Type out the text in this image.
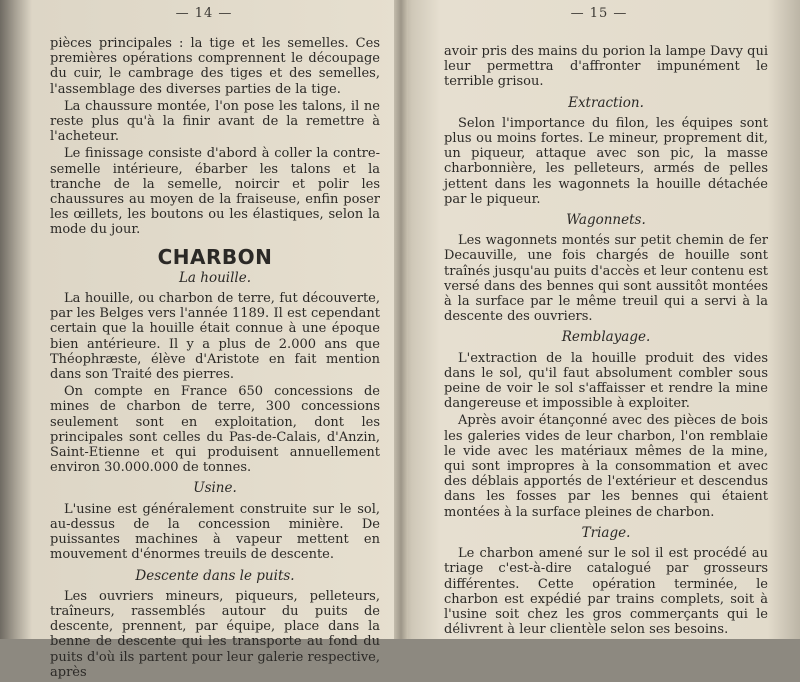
— 14 —

pièces principales : la tige et les semelles. Ces premières opérations comprennent le découpage du cuir, le cambrage des tiges et des semelles, l'assemblage des diverses parties de la tige.

La chaussure montée, l'on pose les talons, il ne reste plus qu'à la finir avant de la remettre à l'acheteur.

Le finissage consiste d'abord à coller la contre-semelle intérieure, ébarber les talons et la tranche de la semelle, noircir et polir les chaussures au moyen de la fraiseuse, enfin poser les œillets, les boutons ou les élastiques, selon la mode du jour.

CHARBON
La houille.

La houille, ou charbon de terre, fut découverte, par les Belges vers l'année 1189. Il est cependant certain que la houille était connue à une époque bien antérieure. Il y a plus de 2.000 ans que Théophræste, élève d'Aristote en fait mention dans son Traité des pierres.

On compte en France 650 concessions de mines de charbon de terre, 300 concessions seulement sont en exploitation, dont les principales sont celles du Pas-de-Calais, d'Anzin, Saint-Etienne et qui produisent annuellement environ 30.000.000 de tonnes.

Usine.

L'usine est généralement construite sur le sol, au-dessus de la concession minière. De puissantes machines à vapeur mettent en mouvement d'énormes treuils de descente.

Descente dans le puits.

Les ouvriers mineurs, piqueurs, pelleteurs, traîneurs, rassemblés autour du puits de descente, prennent, par équipe, place dans la benne de descente qui les transporte au fond du puits d'où ils partent pour leur galerie respective, après

— 15 —

avoir pris des mains du porion la lampe Davy qui leur permettra d'affronter impunément le terrible grisou.

Extraction.

Selon l'importance du filon, les équipes sont plus ou moins fortes. Le mineur, proprement dit, un piqueur, attaque avec son pic, la masse charbonnière, les pelleteurs, armés de pelles jettent dans les wagonnets la houille détachée par le piqueur.

Wagonnets.

Les wagonnets montés sur petit chemin de fer Decauville, une fois chargés de houille sont traînés jusqu'au puits d'accès et leur contenu est versé dans des bennes qui sont aussitôt montées à la surface par le même treuil qui a servi à la descente des ouvriers.

Remblayage.

L'extraction de la houille produit des vides dans le sol, qu'il faut absolument combler sous peine de voir le sol s'affaisser et rendre la mine dangereuse et impossible à exploiter.

Après avoir étançonné avec des pièces de bois les galeries vides de leur charbon, l'on remblaie le vide avec les matériaux mêmes de la mine, qui sont impropres à la consommation et avec des déblais apportés de l'extérieur et descendus dans les fosses par les bennes qui étaient montées à la surface pleines de charbon.

Triage.

Le charbon amené sur le sol il est procédé au triage c'est-à-dire catalogué par grosseurs différentes. Cette opération terminée, le charbon est expédié par trains complets, soit à l'usine soit chez les gros commerçants qui le délivrent à leur clientèle selon ses besoins.
